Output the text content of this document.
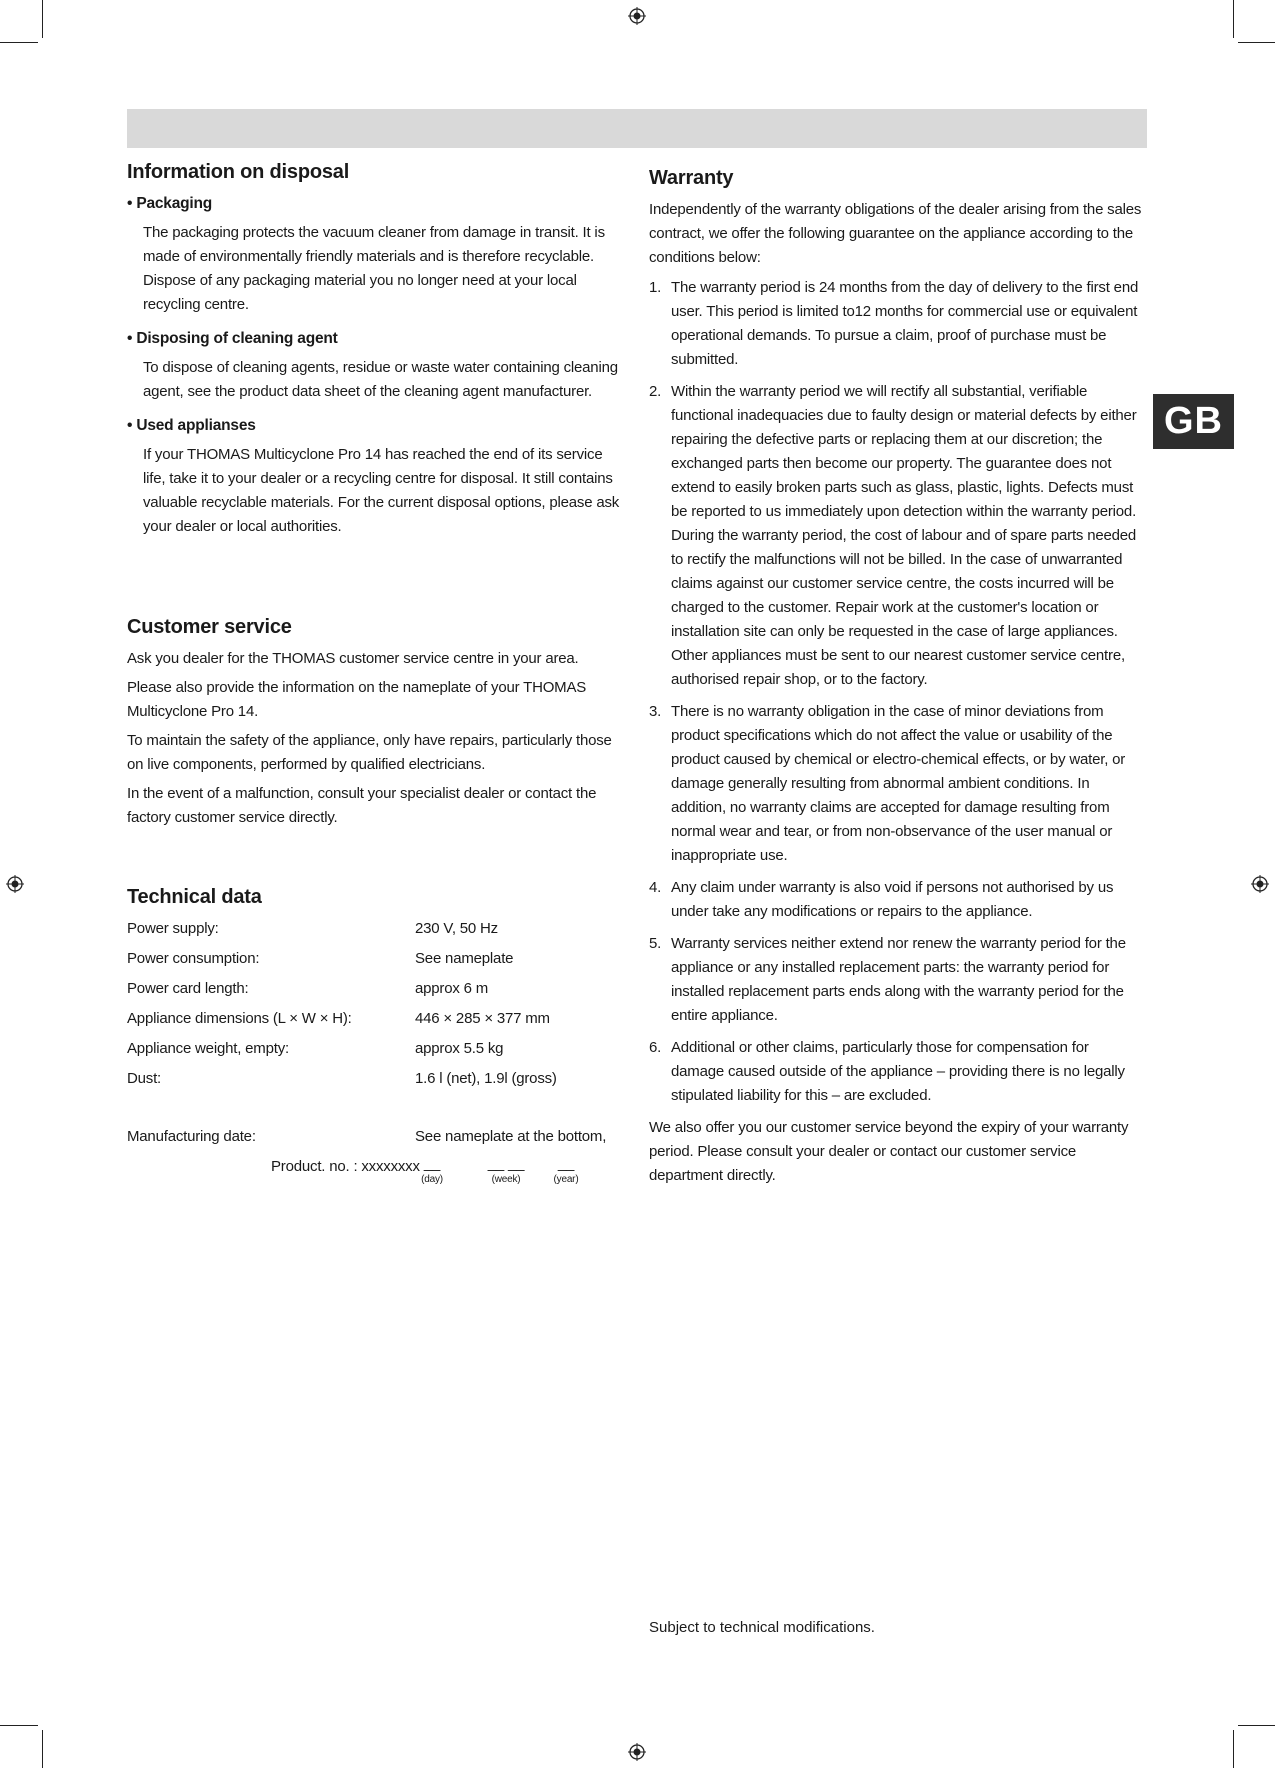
GB
Information on disposal
• Packaging
The packaging protects the vacuum cleaner from damage in transit. It is made of environmentally friendly materials and is therefore recyclable. Dispose of any packaging material you no longer need at your local recycling centre.
• Disposing of cleaning agent
To dispose of cleaning agents, residue or waste water containing cleaning agent, see the product data sheet of the cleaning agent manufacturer.
• Used applianses
If your THOMAS Multicyclone Pro 14 has reached the end of its service life, take it to your dealer or a recycling centre for disposal. It still contains valuable recyclable materials. For the current disposal options, please ask your dealer or local authorities.
Customer service

Ask you dealer for the THOMAS customer service centre in your area.

Please also provide the information on the nameplate of your THOMAS Multicyclone Pro 14.

To maintain the safety of the appliance, only have repairs, particularly those on live components, performed by qualified electricians.

In the event of a malfunction, consult your specialist dealer or contact the factory customer service directly.

Technical data
Power supply:	230 V, 50 Hz
Power consumption:	See nameplate
Power card length:	approx 6 m
Appliance dimensions (L × W × H):	446 × 285 × 377 mm
Appliance weight, empty:	approx 5.5 kg
Dust:	1.6 l (net), 1.9l (gross)
Manufacturing date:	See nameplate at the bottom,
Product. no. : xxxxxxxx __
(day)
__ __
(week)
__
(year)
Warranty

Independently of the warranty obligations of the dealer arising from the sales contract, we offer the following guarantee on the appliance according to the conditions below:

1. The warranty period is 24 months from the day of delivery to the first end user. This period is limited to12 months for commercial use or equivalent operational demands. To pursue a claim, proof of purchase must be submitted.
2. Within the warranty period we will rectify all substantial, verifiable functional inadequacies due to faulty design or material defects by either repairing the defective parts or replacing them at our discretion; the exchanged parts then become our property. The guarantee does not extend to easily broken parts such as glass, plastic, lights. Defects must be reported to us immediately upon detection within the warranty period. During the warranty period, the cost of labour and of spare parts needed to rectify the malfunctions will not be billed. In the case of unwarranted claims against our customer service centre, the costs incurred will be charged to the customer. Repair work at the customer's location or installation site can only be requested in the case of large appliances. Other appliances must be sent to our nearest customer service centre, authorised repair shop, or to the factory.
3. There is no warranty obligation in the case of minor deviations from product specifications which do not affect the value or usability of the product caused by chemical or electro-chemical effects, or by water, or damage generally resulting from abnormal ambient conditions. In addition, no warranty claims are accepted for damage resulting from normal wear and tear, or from non-observance of the user manual or inappropriate use.
4. Any claim under warranty is also void if persons not authorised by us under take any modifications or repairs to the appliance.
5. Warranty services neither extend nor renew the warranty period for the appliance or any installed replacement parts: the warranty period for installed replacement parts ends along with the warranty period for the entire appliance.
6. Additional or other claims, particularly those for compensation for damage caused outside of the appliance – providing there is no legally stipulated liability for this – are excluded.

We also offer you our customer service beyond the expiry of your warranty period. Please consult your dealer or contact our customer service department directly.

Subject to technical modifications.
